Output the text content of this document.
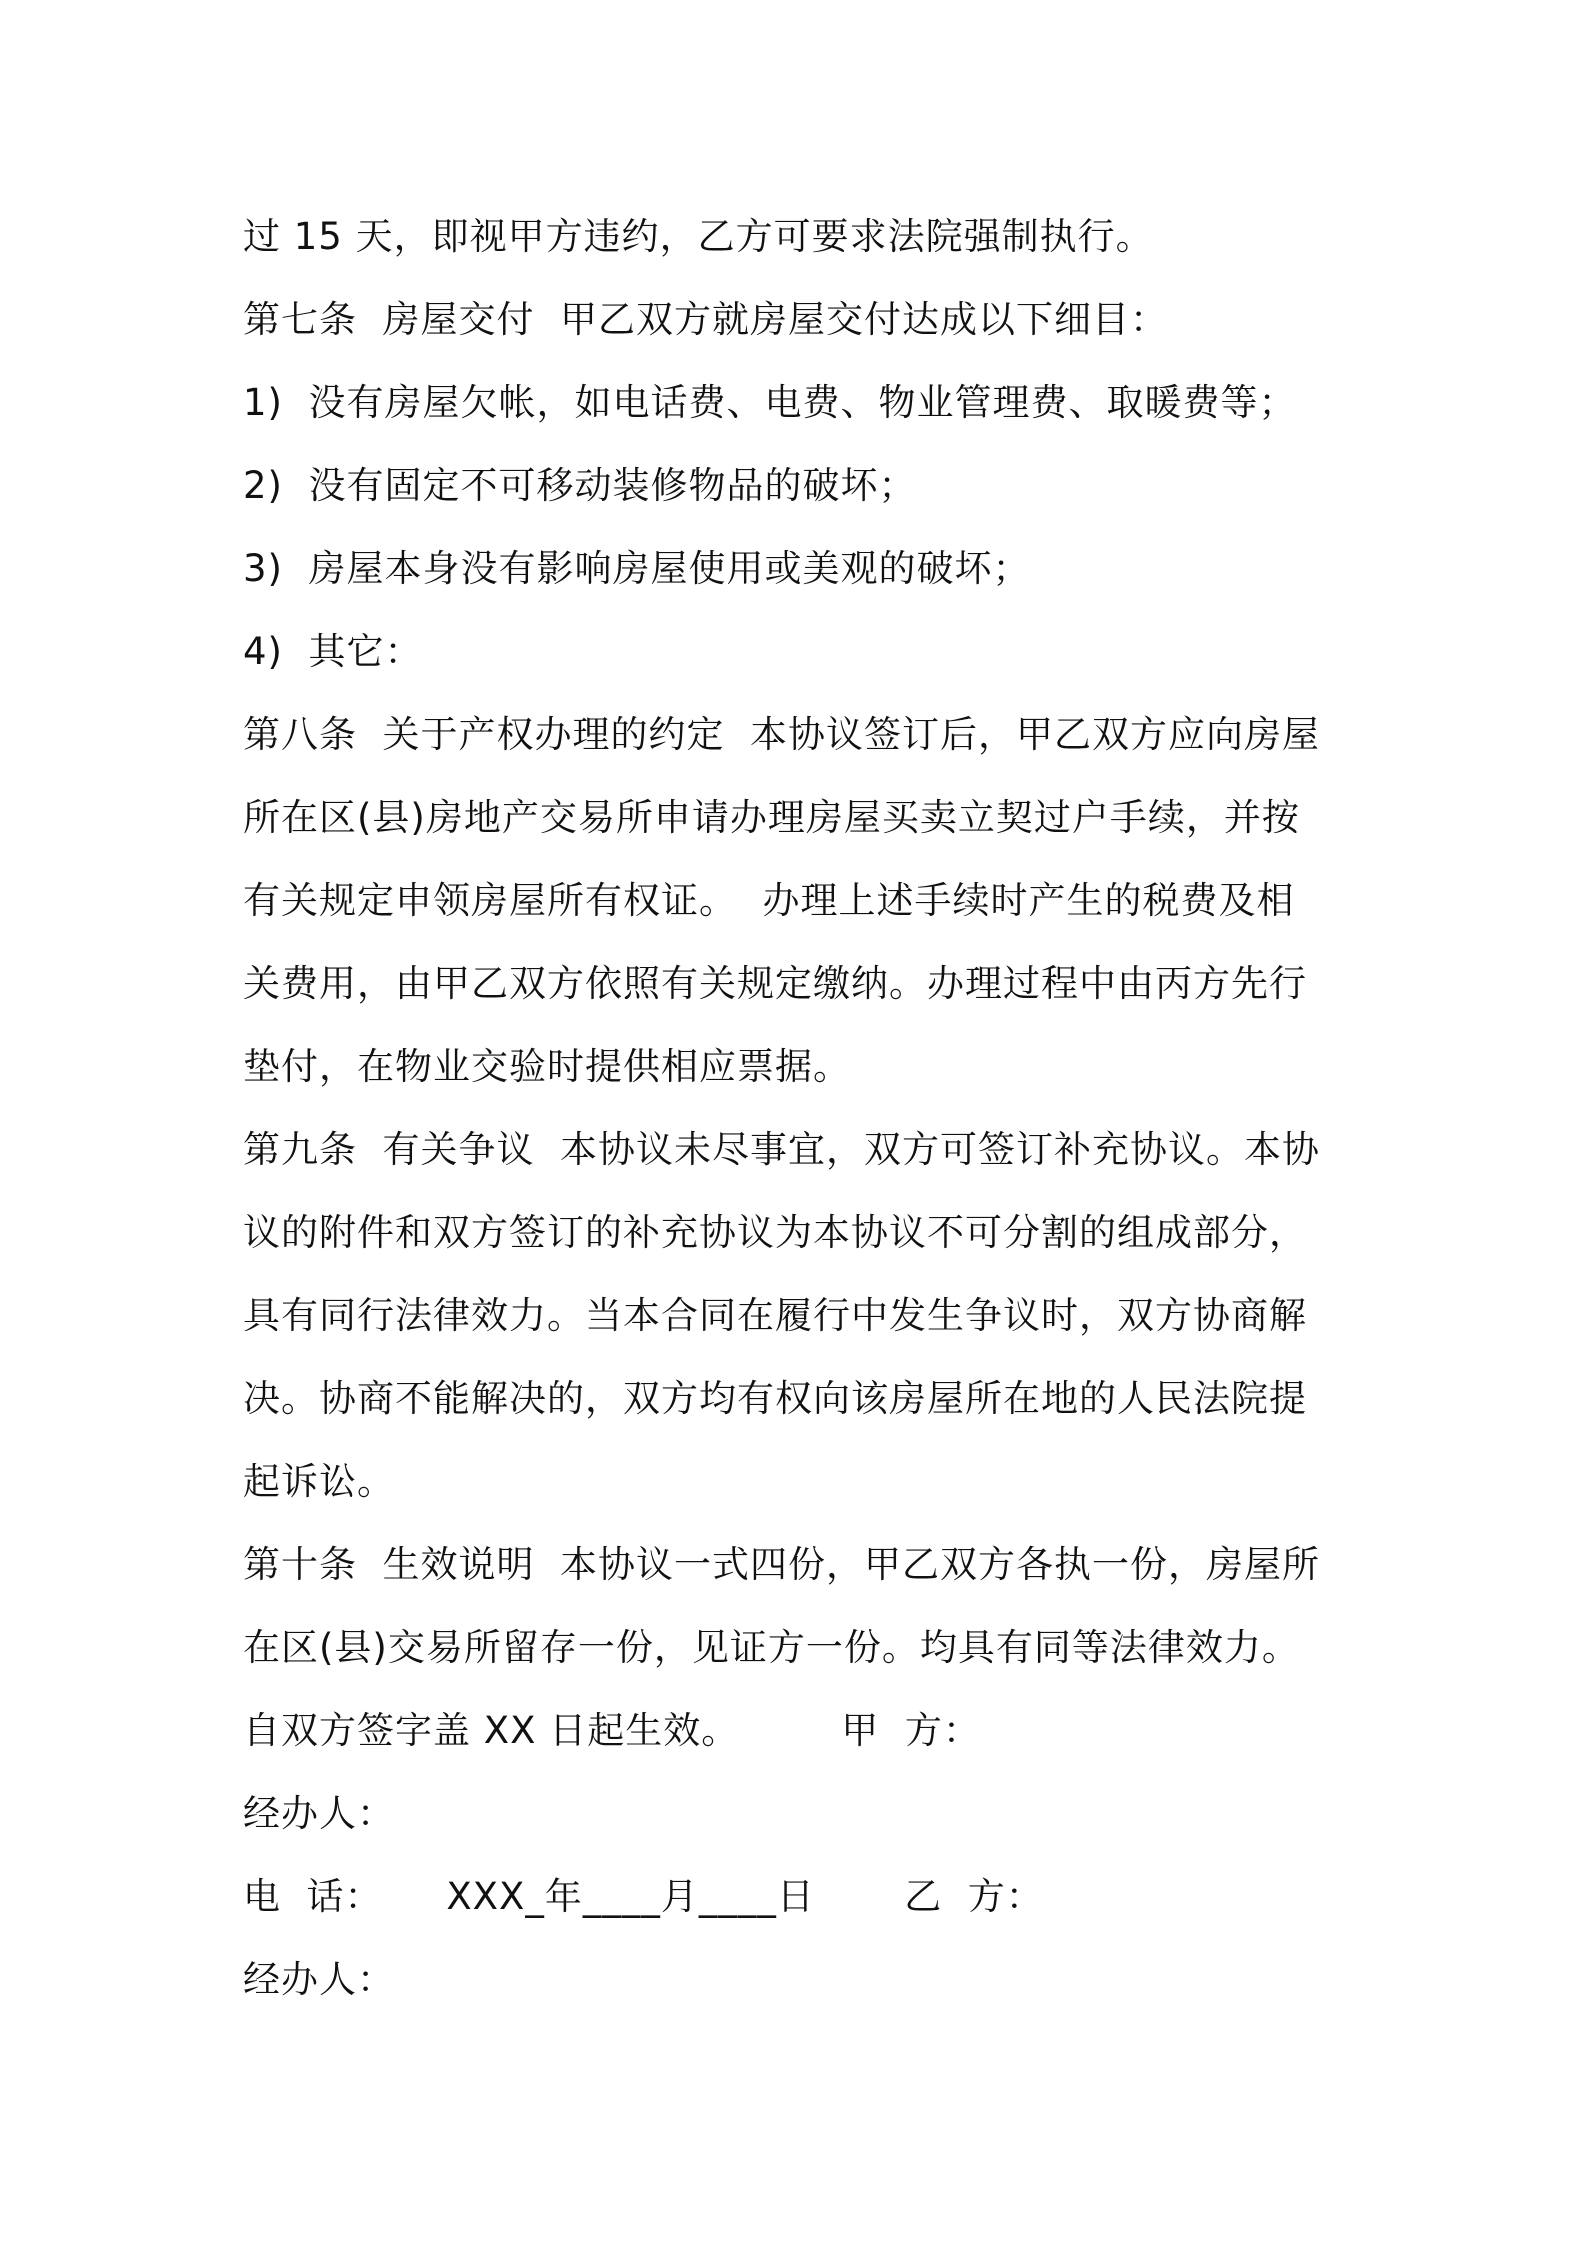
过 15 天，即视甲方违约，乙方可要求法院强制执行。
第七条  房屋交付  甲乙双方就房屋交付达成以下细目：
1)  没有房屋欠帐，如电话费、电费、物业管理费、取暖费等；
2)  没有固定不可移动装修物品的破坏；
3)  房屋本身没有影响房屋使用或美观的破坏；
4)  其它：
第八条  关于产权办理的约定  本协议签订后，甲乙双方应向房屋
所在区(县)房地产交易所申请办理房屋买卖立契过户手续，并按
有关规定申领房屋所有权证。  办理上述手续时产生的税费及相
关费用，由甲乙双方依照有关规定缴纳。办理过程中由丙方先行
垫付，在物业交验时提供相应票据。
第九条  有关争议  本协议未尽事宜，双方可签订补充协议。本协
议的附件和双方签订的补充协议为本协议不可分割的组成部分，
具有同行法律效力。当本合同在履行中发生争议时，双方协商解
决。协商不能解决的，双方均有权向该房屋所在地的人民法院提
起诉讼。
第十条  生效说明  本协议一式四份，甲乙双方各执一份，房屋所
在区(县)交易所留存一份，见证方一份。均具有同等法律效力。
自双方签字盖 XX 日起生效。        甲  方：
经办人：
电  话：     XXX_年____月____日       乙  方：
经办人：
